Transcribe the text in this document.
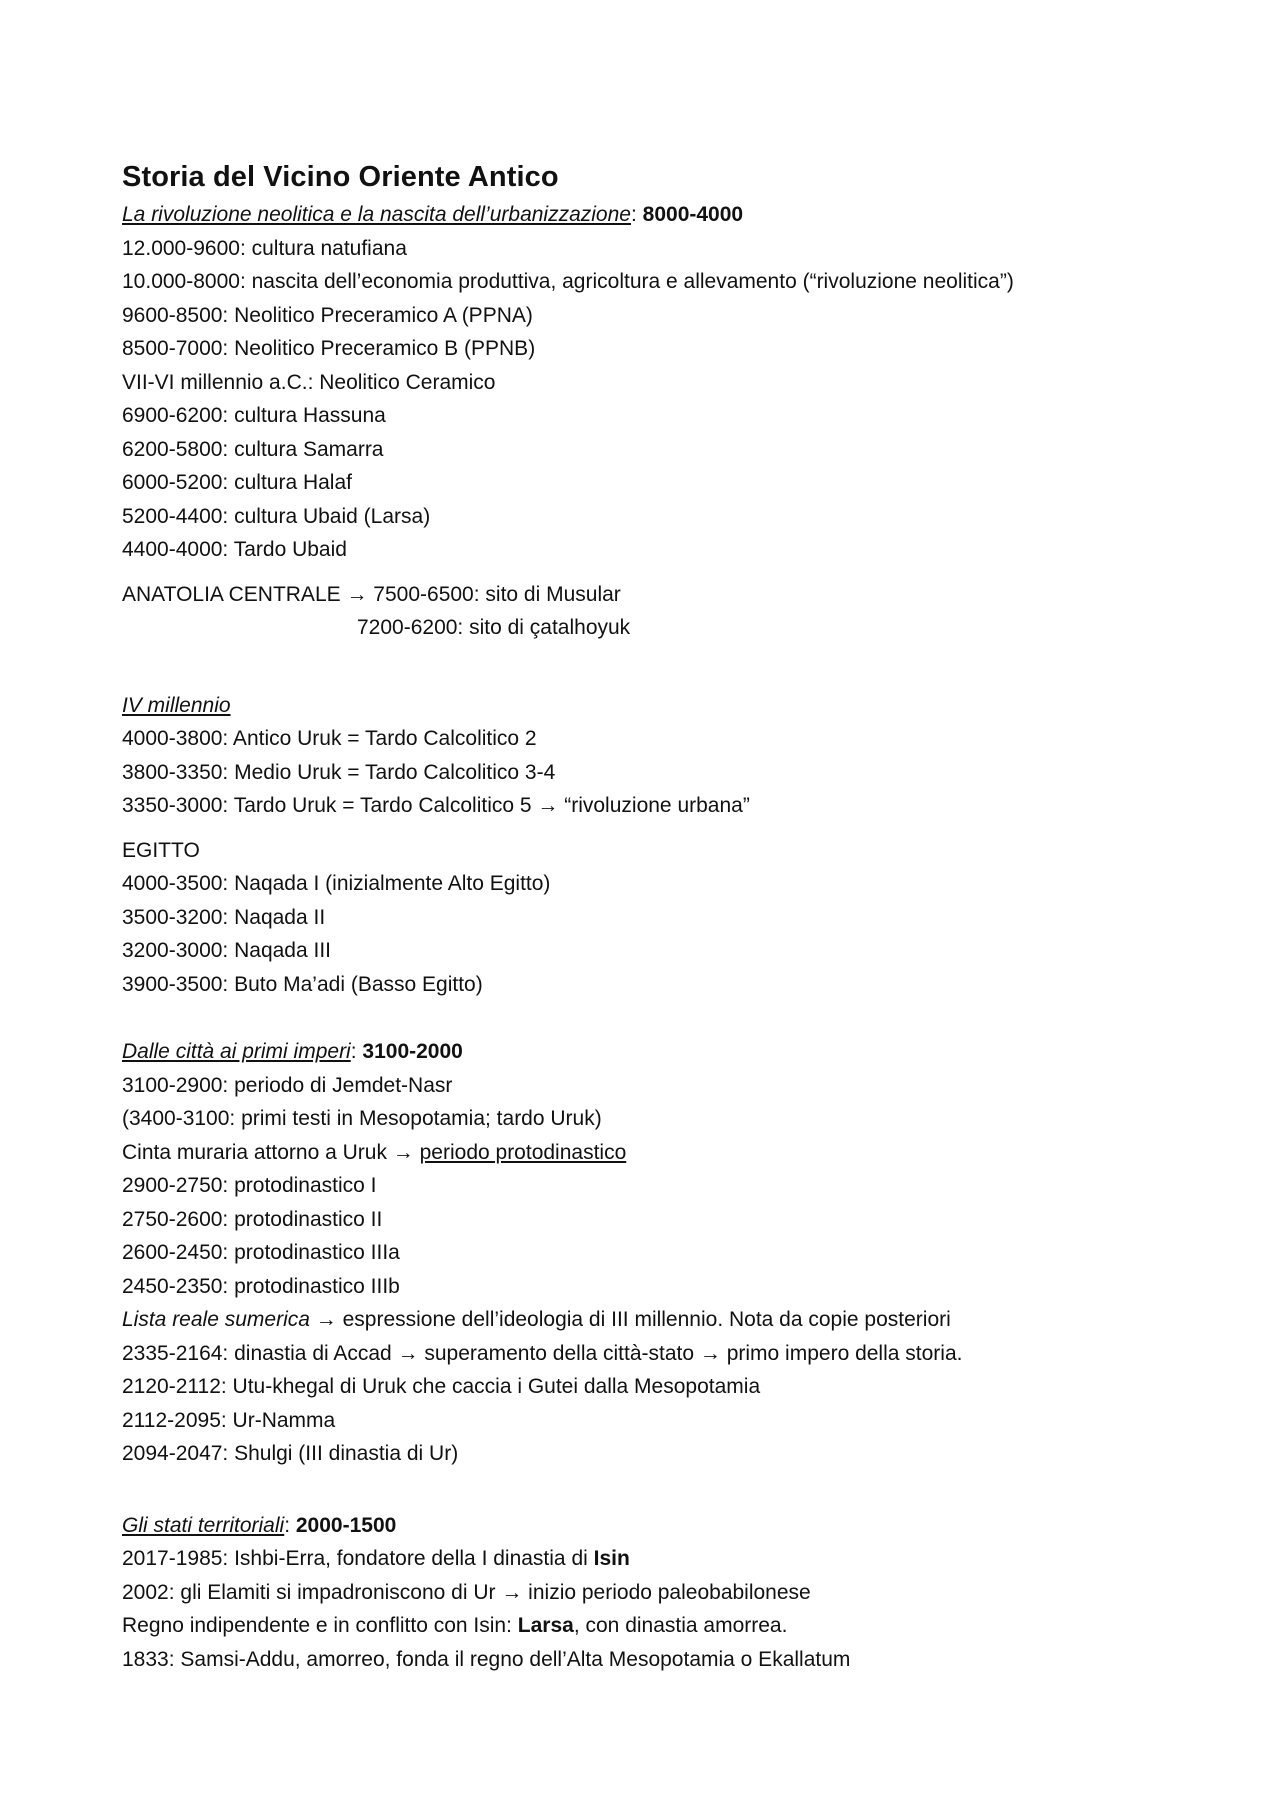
Storia del Vicino Oriente Antico
La rivoluzione neolitica e la nascita dell’urbanizzazione: 8000-4000
12.000-9600: cultura natufiana
10.000-8000: nascita dell’economia produttiva, agricoltura e allevamento (“rivoluzione neolitica”)
9600-8500: Neolitico Preceramico A (PPNA)
8500-7000: Neolitico Preceramico B (PPNB)
VII-VI millennio a.C.: Neolitico Ceramico
6900-6200: cultura Hassuna
6200-5800: cultura Samarra
6000-5200: cultura Halaf
5200-4400: cultura Ubaid (Larsa)
4400-4000: Tardo Ubaid
ANATOLIA CENTRALE → 7500-6500: sito di Musular
7200-6200: sito di çatalhoyuk
IV millennio
4000-3800: Antico Uruk = Tardo Calcolitico 2
3800-3350: Medio Uruk = Tardo Calcolitico 3-4
3350-3000: Tardo Uruk = Tardo Calcolitico 5 → “rivoluzione urbana”
EGITTO
4000-3500: Naqada I (inizialmente Alto Egitto)
3500-3200: Naqada II
3200-3000: Naqada III
3900-3500: Buto Ma’adi (Basso Egitto)
Dalle città ai primi imperi: 3100-2000
3100-2900: periodo di Jemdet-Nasr
(3400-3100: primi testi in Mesopotamia; tardo Uruk)
Cinta muraria attorno a Uruk → periodo protodinastico
2900-2750: protodinastico I
2750-2600: protodinastico II
2600-2450: protodinastico IIIa
2450-2350: protodinastico IIIb
Lista reale sumerica → espressione dell’ideologia di III millennio. Nota da copie posteriori
2335-2164: dinastia di Accad → superamento della città-stato → primo impero della storia.
2120-2112: Utu-khegal di Uruk che caccia i Gutei dalla Mesopotamia
2112-2095: Ur-Namma
2094-2047: Shulgi (III dinastia di Ur)
Gli stati territoriali: 2000-1500
2017-1985: Ishbi-Erra, fondatore della I dinastia di Isin
2002: gli Elamiti si impadroniscono di Ur → inizio periodo paleobabilonese
Regno indipendente e in conflitto con Isin: Larsa, con dinastia amorrea.
1833: Samsi-Addu, amorreo, fonda il regno dell’Alta Mesopotamia o Ekallatum
